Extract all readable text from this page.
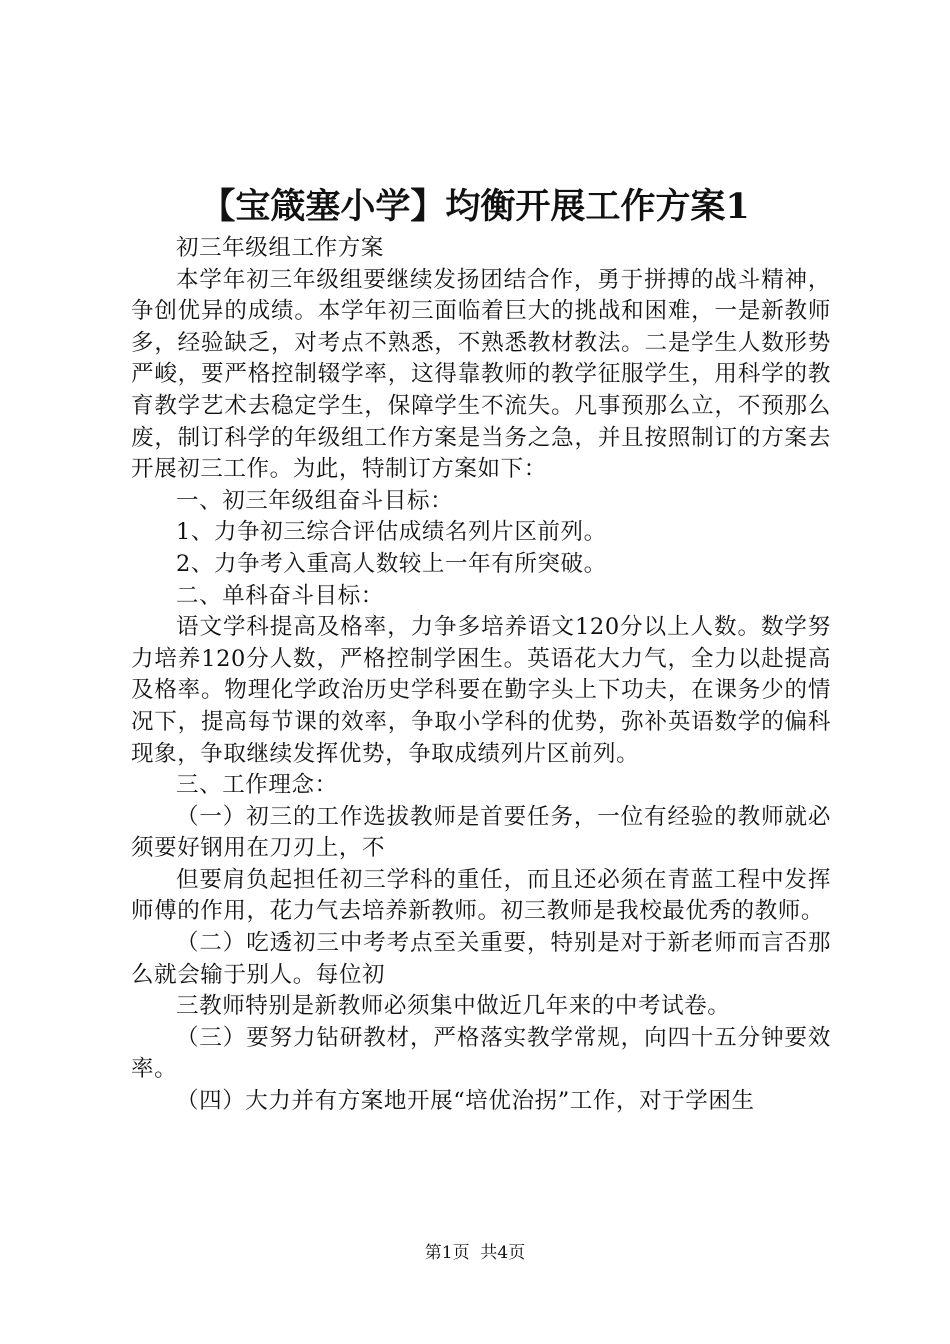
【宝箴塞小学】均衡开展工作方案1

初三年级组工作方案

本学年初三年级组要继续发扬团结合作，勇于拼搏的战斗精神，争创优异的成绩。本学年初三面临着巨大的挑战和困难，一是新教师多，经验缺乏，对考点不熟悉，不熟悉教材教法。二是学生人数形势严峻，要严格控制辍学率，这得靠教师的教学征服学生，用科学的教育教学艺术去稳定学生，保障学生不流失。凡事预那么立，不预那么废，制订科学的年级组工作方案是当务之急，并且按照制订的方案去开展初三工作。为此，特制订方案如下：

一、初三年级组奋斗目标：

1、力争初三综合评估成绩名列片区前列。

2、力争考入重高人数较上一年有所突破。

二、单科奋斗目标：

语文学科提高及格率，力争多培养语文120分以上人数。数学努力培养120分人数，严格控制学困生。英语花大力气，全力以赴提高及格率。物理化学政治历史学科要在勤字头上下功夫，在课务少的情况下，提高每节课的效率，争取小学科的优势，弥补英语数学的偏科现象，争取继续发挥优势，争取成绩列片区前列。

三、工作理念：

（一）初三的工作选拔教师是首要任务，一位有经验的教师就必须要好钢用在刀刃上，不

但要肩负起担任初三学科的重任，而且还必须在青蓝工程中发挥师傅的作用，花力气去培养新教师。初三教师是我校最优秀的教师。

（二）吃透初三中考考点至关重要，特别是对于新老师而言否那么就会输于别人。每位初

三教师特别是新教师必须集中做近几年来的中考试卷。

（三）要努力钻研教材，严格落实教学常规，向四十五分钟要效率。

（四）大力并有方案地开展“培优治拐”工作，对于学困生

第1页 共4页
